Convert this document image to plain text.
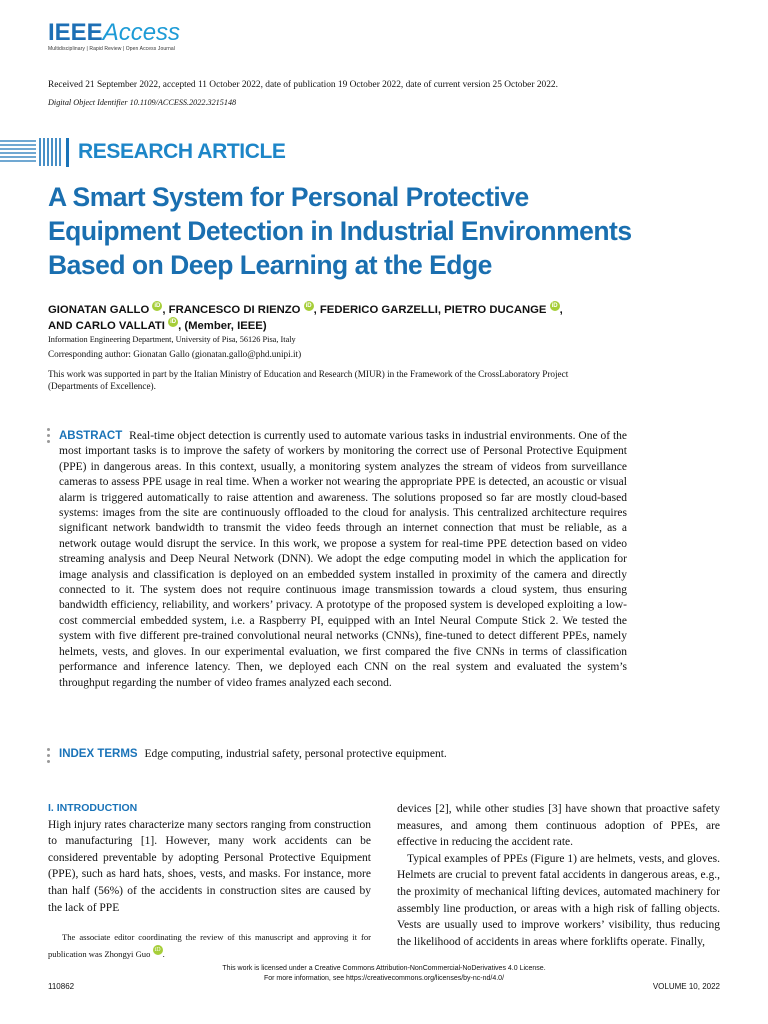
IEEEAccess
Multidisciplinary | Rapid Review | Open Access Journal
Received 21 September 2022, accepted 11 October 2022, date of publication 19 October 2022, date of current version 25 October 2022.
Digital Object Identifier 10.1109/ACCESS.2022.3215148
RESEARCH ARTICLE
A Smart System for Personal Protective Equipment Detection in Industrial Environments Based on Deep Learning at the Edge
GIONATAN GALLO iD , FRANCESCO DI RIENZO iD , FEDERICO GARZELLI, PIETRO DUCANGE iD ,
AND CARLO VALLATI iD , (Member, IEEE)
Information Engineering Department, University of Pisa, 56126 Pisa, Italy
Corresponding author: Gionatan Gallo (gionatan.gallo@phd.unipi.it)
This work was supported in part by the Italian Ministry of Education and Research (MIUR) in the Framework of the CrossLaboratory Project (Departments of Excellence).
ABSTRACT Real-time object detection is currently used to automate various tasks in industrial environments. One of the most important tasks is to improve the safety of workers by monitoring the correct use of Personal Protective Equipment (PPE) in dangerous areas. In this context, usually, a monitoring system analyzes the stream of videos from surveillance cameras to assess PPE usage in real time. When a worker not wearing the appropriate PPE is detected, an acoustic or visual alarm is triggered automatically to raise attention and awareness. The solutions proposed so far are mostly cloud-based systems: images from the site are continuously offloaded to the cloud for analysis. This centralized architecture requires significant network bandwidth to transmit the video feeds through an internet connection that must be reliable, as a network outage would disrupt the service. In this work, we propose a system for real-time PPE detection based on video streaming analysis and Deep Neural Network (DNN). We adopt the edge computing model in which the application for image analysis and classification is deployed on an embedded system installed in proximity of the camera and directly connected to it. The system does not require continuous image transmission towards a cloud system, thus ensuring bandwidth efficiency, reliability, and workers’ privacy. A prototype of the proposed system is developed exploiting a low-cost commercial embedded system, i.e. a Raspberry PI, equipped with an Intel Neural Compute Stick 2. We tested the system with five different pre-trained convolutional neural networks (CNNs), fine-tuned to detect different PPEs, namely helmets, vests, and gloves. In our experimental evaluation, we first compared the five CNNs in terms of classification performance and inference latency. Then, we deployed each CNN on the real system and evaluated the system’s throughput regarding the number of video frames analyzed each second.
INDEX TERMS Edge computing, industrial safety, personal protective equipment.
I. INTRODUCTION

High injury rates characterize many sectors ranging from construction to manufacturing [1]. However, many work accidents can be considered preventable by adopting Personal Protective Equipment (PPE), such as hard hats, shoes, vests, and masks. For instance, more than half (56%) of the accidents in construction sites are caused by the lack of PPE

devices [2], while other studies [3] have shown that proactive safety measures, and among them continuous adoption of PPEs, are effective in reducing the accident rate.

Typical examples of PPEs (Figure 1) are helmets, vests, and gloves. Helmets are crucial to prevent fatal accidents in dangerous areas, e.g., the proximity of mechanical lifting devices, automated machinery for assembly line production, or areas with a high risk of falling objects. Vests are usually used to improve workers’ visibility, thus reducing the likelihood of accidents in areas where forklifts operate. Finally,

The associate editor coordinating the review of this manuscript and approving it for publication was Zhongyi Guo iD .
This work is licensed under a Creative Commons Attribution-NonCommercial-NoDerivatives 4.0 License.
For more information, see https://creativecommons.org/licenses/by-nc-nd/4.0/
110862	VOLUME 10, 2022
